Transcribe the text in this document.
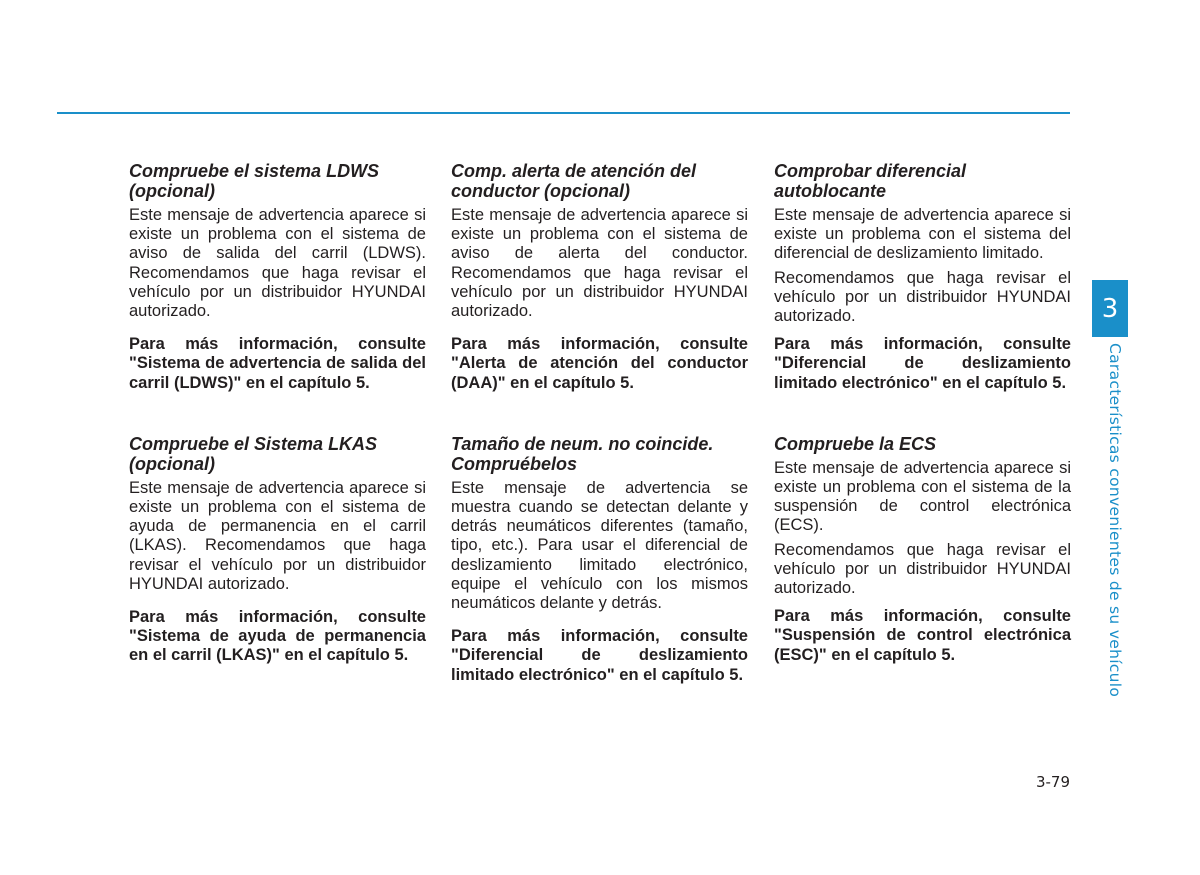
Compruebe el sistema LDWS (opcional)

Este mensaje de advertencia aparece si existe un problema con el sistema de aviso de salida del carril (LDWS). Recomendamos que haga revisar el vehículo por un distribuidor HYUNDAI autorizado.

Para más información, consulte "Sistema de advertencia de salida del carril (LDWS)" en el capítulo 5.

Compruebe el Sistema LKAS (opcional)

Este mensaje de advertencia aparece si existe un problema con el sistema de ayuda de permanencia en el carril (LKAS). Recomendamos que haga revisar el vehículo por un distribuidor HYUNDAI autorizado.

Para más información, consulte "Sistema de ayuda de permanencia en el carril (LKAS)" en el capítulo 5.

Comp. alerta de atención del conductor (opcional)

Este mensaje de advertencia aparece si existe un problema con el sistema de aviso de alerta del conductor. Recomendamos que haga revisar el vehículo por un distribuidor HYUNDAI autorizado.

Para más información, consulte "Alerta de atención del conductor (DAA)" en el capítulo 5.

Tamaño de neum. no coincide. Compruébelos

Este mensaje de advertencia se muestra cuando se detectan delante y detrás neumáticos diferentes (tamaño, tipo, etc.). Para usar el diferencial de deslizamiento limitado electrónico, equipe el vehículo con los mismos neumáticos delante y detrás.

Para más información, consulte "Diferencial de deslizamiento limitado electrónico" en el capítulo 5.

Comprobar diferencial autoblocante

Este mensaje de advertencia aparece si existe un problema con el sistema del diferencial de deslizamiento limitado.

Recomendamos que haga revisar el vehículo por un distribuidor HYUNDAI autorizado.

Para más información, consulte "Diferencial de deslizamiento limitado electrónico" en el capítulo 5.

Compruebe la ECS

Este mensaje de advertencia aparece si existe un problema con el sistema de la suspensión de control electrónica (ECS).

Recomendamos que haga revisar el vehículo por un distribuidor HYUNDAI autorizado.

Para más información, consulte "Suspensión de control electrónica (ESC)" en el capítulo 5.

3
Características convenientes de su vehículo
3-79
